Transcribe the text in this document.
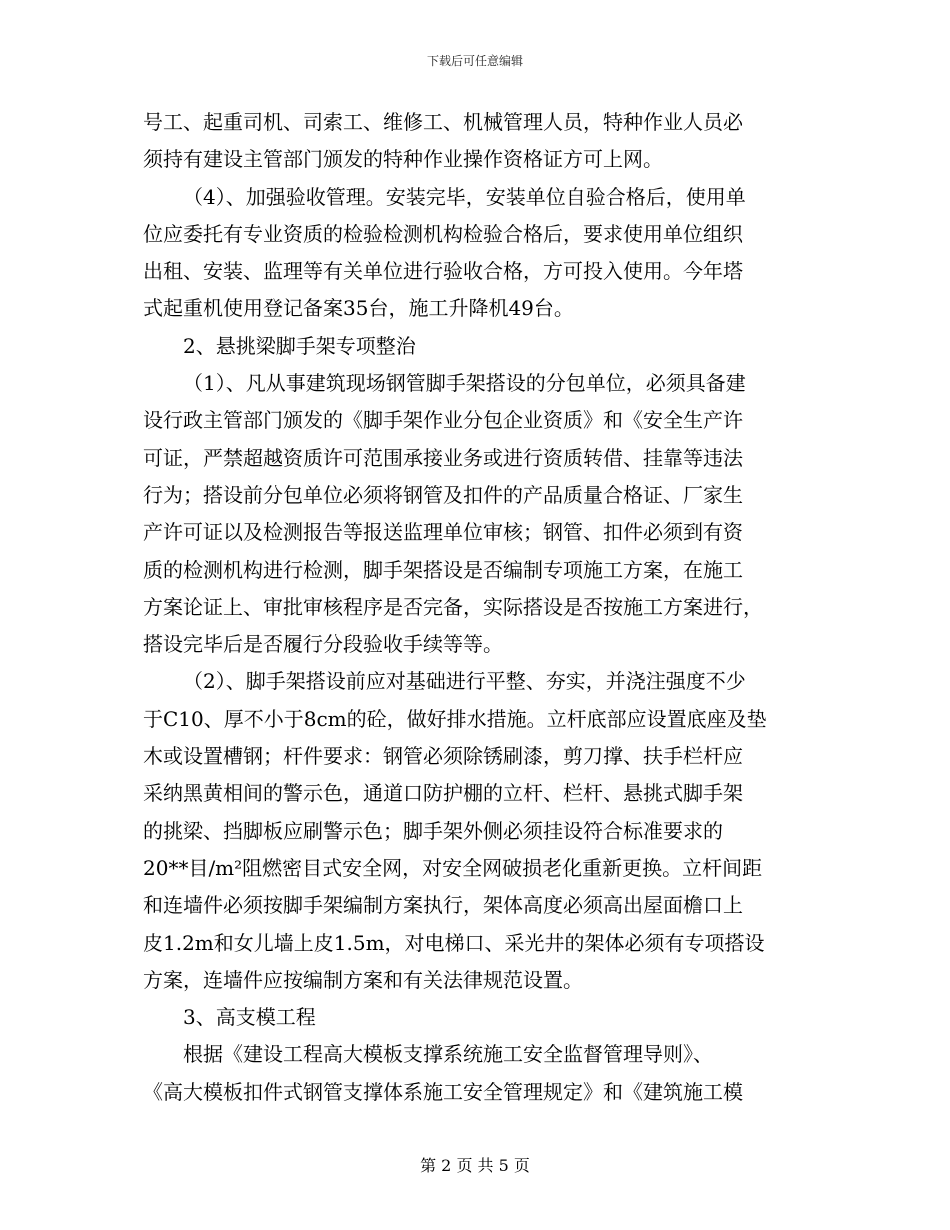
下载后可任意编辑
号工、起重司机、司索工、维修工、机械管理人员，特种作业人员必
须持有建设主管部门颁发的特种作业操作资格证方可上网。
（4）、加强验收管理。安装完毕，安装单位自验合格后，使用单
位应委托有专业资质的检验检测机构检验合格后，要求使用单位组织
出租、安装、监理等有关单位进行验收合格，方可投入使用。今年塔
式起重机使用登记备案35台，施工升降机49台。
2、悬挑梁脚手架专项整治
（1）、凡从事建筑现场钢管脚手架搭设的分包单位，必须具备建
设行政主管部门颁发的《脚手架作业分包企业资质》和《安全生产许
可证，严禁超越资质许可范围承接业务或进行资质转借、挂靠等违法
行为；搭设前分包单位必须将钢管及扣件的产品质量合格证、厂家生
产许可证以及检测报告等报送监理单位审核；钢管、扣件必须到有资
质的检测机构进行检测，脚手架搭设是否编制专项施工方案，在施工
方案论证上、审批审核程序是否完备，实际搭设是否按施工方案进行，
搭设完毕后是否履行分段验收手续等等。
（2）、脚手架搭设前应对基础进行平整、夯实，并浇注强度不少
于C10、厚不小于8cm的砼，做好排水措施。立杆底部应设置底座及垫
木或设置槽钢；杆件要求：钢管必须除锈刷漆，剪刀撑、扶手栏杆应
采纳黑黄相间的警示色，通道口防护棚的立杆、栏杆、悬挑式脚手架
的挑梁、挡脚板应刷警示色；脚手架外侧必须挂设符合标准要求的
20**目/m²阻燃密目式安全网，对安全网破损老化重新更换。立杆间距
和连墙件必须按脚手架编制方案执行，架体高度必须高出屋面檐口上
皮1.2m和女儿墙上皮1.5m，对电梯口、采光井的架体必须有专项搭设
方案，连墙件应按编制方案和有关法律规范设置。
3、高支模工程
根据《建设工程高大模板支撑系统施工安全监督管理导则》、
《高大模板扣件式钢管支撑体系施工安全管理规定》和《建筑施工模
第 2 页 共 5 页
